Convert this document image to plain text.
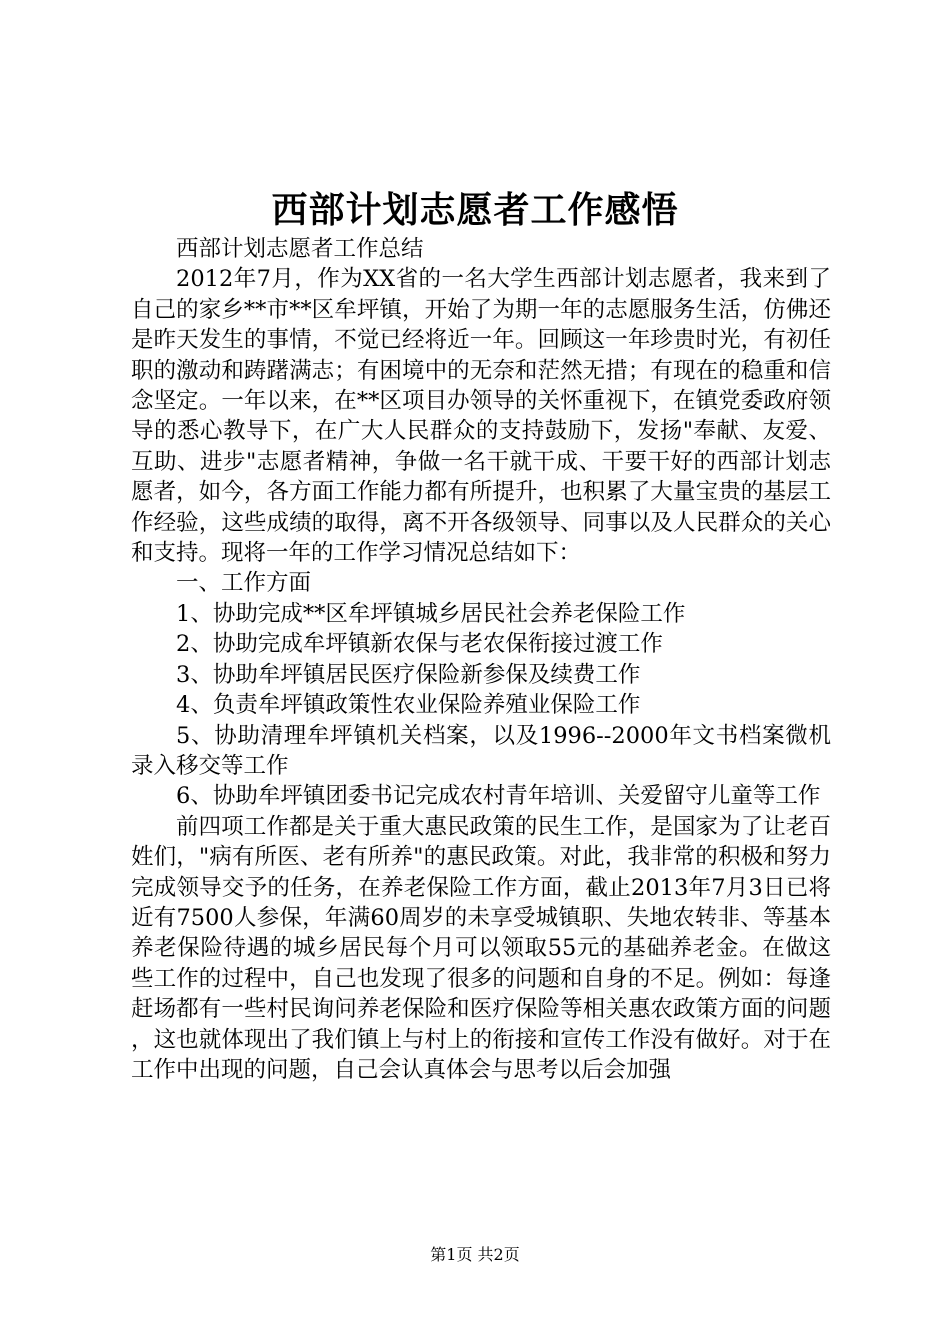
西部计划志愿者工作感悟

西部计划志愿者工作总结

2012年7月，作为XX省的一名大学生西部计划志愿者，我来到了自己的家乡**市**区牟坪镇，开始了为期一年的志愿服务生活，仿佛还是昨天发生的事情，不觉已经将近一年。回顾这一年珍贵时光，有初任职的激动和踌躇满志；有困境中的无奈和茫然无措；有现在的稳重和信念坚定。一年以来，在**区项目办领导的关怀重视下，在镇党委政府领导的悉心教导下，在广大人民群众的支持鼓励下，发扬"奉献、友爱、互助、进步"志愿者精神，争做一名干就干成、干要干好的西部计划志愿者，如今，各方面工作能力都有所提升，也积累了大量宝贵的基层工作经验，这些成绩的取得，离不开各级领导、同事以及人民群众的关心和支持。现将一年的工作学习情况总结如下：

一、工作方面

1、协助完成**区牟坪镇城乡居民社会养老保险工作

2、协助完成牟坪镇新农保与老农保衔接过渡工作

3、协助牟坪镇居民医疗保险新参保及续费工作

4、负责牟坪镇政策性农业保险养殖业保险工作

5、协助清理牟坪镇机关档案，以及1996--2000年文书档案微机录入移交等工作

6、协助牟坪镇团委书记完成农村青年培训、关爱留守儿童等工作

前四项工作都是关于重大惠民政策的民生工作，是国家为了让老百姓们，"病有所医、老有所养"的惠民政策。对此，我非常的积极和努力完成领导交予的任务，在养老保险工作方面，截止2013年7月3日已将近有7500人参保，年满60周岁的未享受城镇职、失地农转非、等基本养老保险待遇的城乡居民每个月可以领取55元的基础养老金。在做这些工作的过程中，自己也发现了很多的问题和自身的不足。例如：每逢赶场都有一些村民询问养老保险和医疗保险等相关惠农政策方面的问题，这也就体现出了我们镇上与村上的衔接和宣传工作没有做好。对于在工作中出现的问题，自己会认真体会与思考以后会加强

第1页 共2页
